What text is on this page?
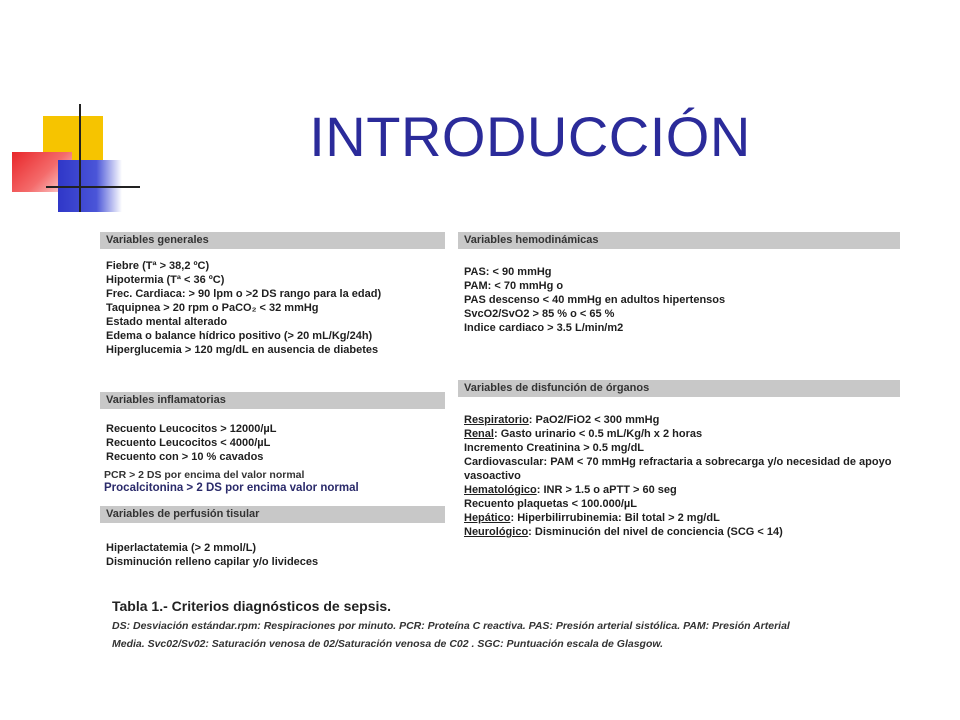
INTRODUCCIÓN
Variables generales
Fiebre (Tª > 38,2 ºC)
Hipotermia (Tª < 36 ºC)
Frec. Cardiaca: > 90 lpm o >2 DS rango para la edad)
Taquipnea > 20 rpm o PaCO₂ < 32 mmHg
Estado mental alterado
Edema o balance hídrico positivo (> 20 mL/Kg/24h)
Hiperglucemia > 120 mg/dL en ausencia de diabetes
Variables inflamatorias
Recuento Leucocitos > 12000/µL
Recuento Leucocitos < 4000/µL
Recuento con > 10 % cavados
PCR > 2 DS por encima del valor normal
Procalcitonina > 2 DS por encima valor normal
Variables de perfusión tisular
Hiperlactatemia (> 2 mmol/L)
Disminución relleno capilar y/o livideces
Variables hemodinámicas
PAS: < 90 mmHg
PAM: < 70 mmHg o
PAS descenso < 40 mmHg en adultos hipertensos
SvcO2/SvO2 > 85 % o < 65 %
Indice cardiaco > 3.5 L/min/m2
Variables de disfunción de órganos
Respiratorio: PaO2/FiO2 < 300 mmHg
Renal: Gasto urinario < 0.5 mL/Kg/h x 2 horas
Incremento Creatinina > 0.5 mg/dL
Cardiovascular: PAM < 70 mmHg refractaria a sobrecarga y/o necesidad de apoyo
vasoactivo
Hematológico: INR > 1.5 o aPTT > 60 seg
Recuento plaquetas < 100.000/µL
Hepático: Hiperbilirrubinemia: Bil total > 2 mg/dL
Neurológico: Disminución del nivel de conciencia (SCG < 14)
Tabla 1.- Criterios diagnósticos de sepsis.
DS: Desviación estándar.rpm: Respiraciones por minuto. PCR: Proteína C reactiva. PAS: Presión arterial sistólica. PAM: Presión Arterial
Media. Svc02/Sv02: Saturación venosa de 02/Saturación venosa de C02 . SGC: Puntuación escala de Glasgow.
